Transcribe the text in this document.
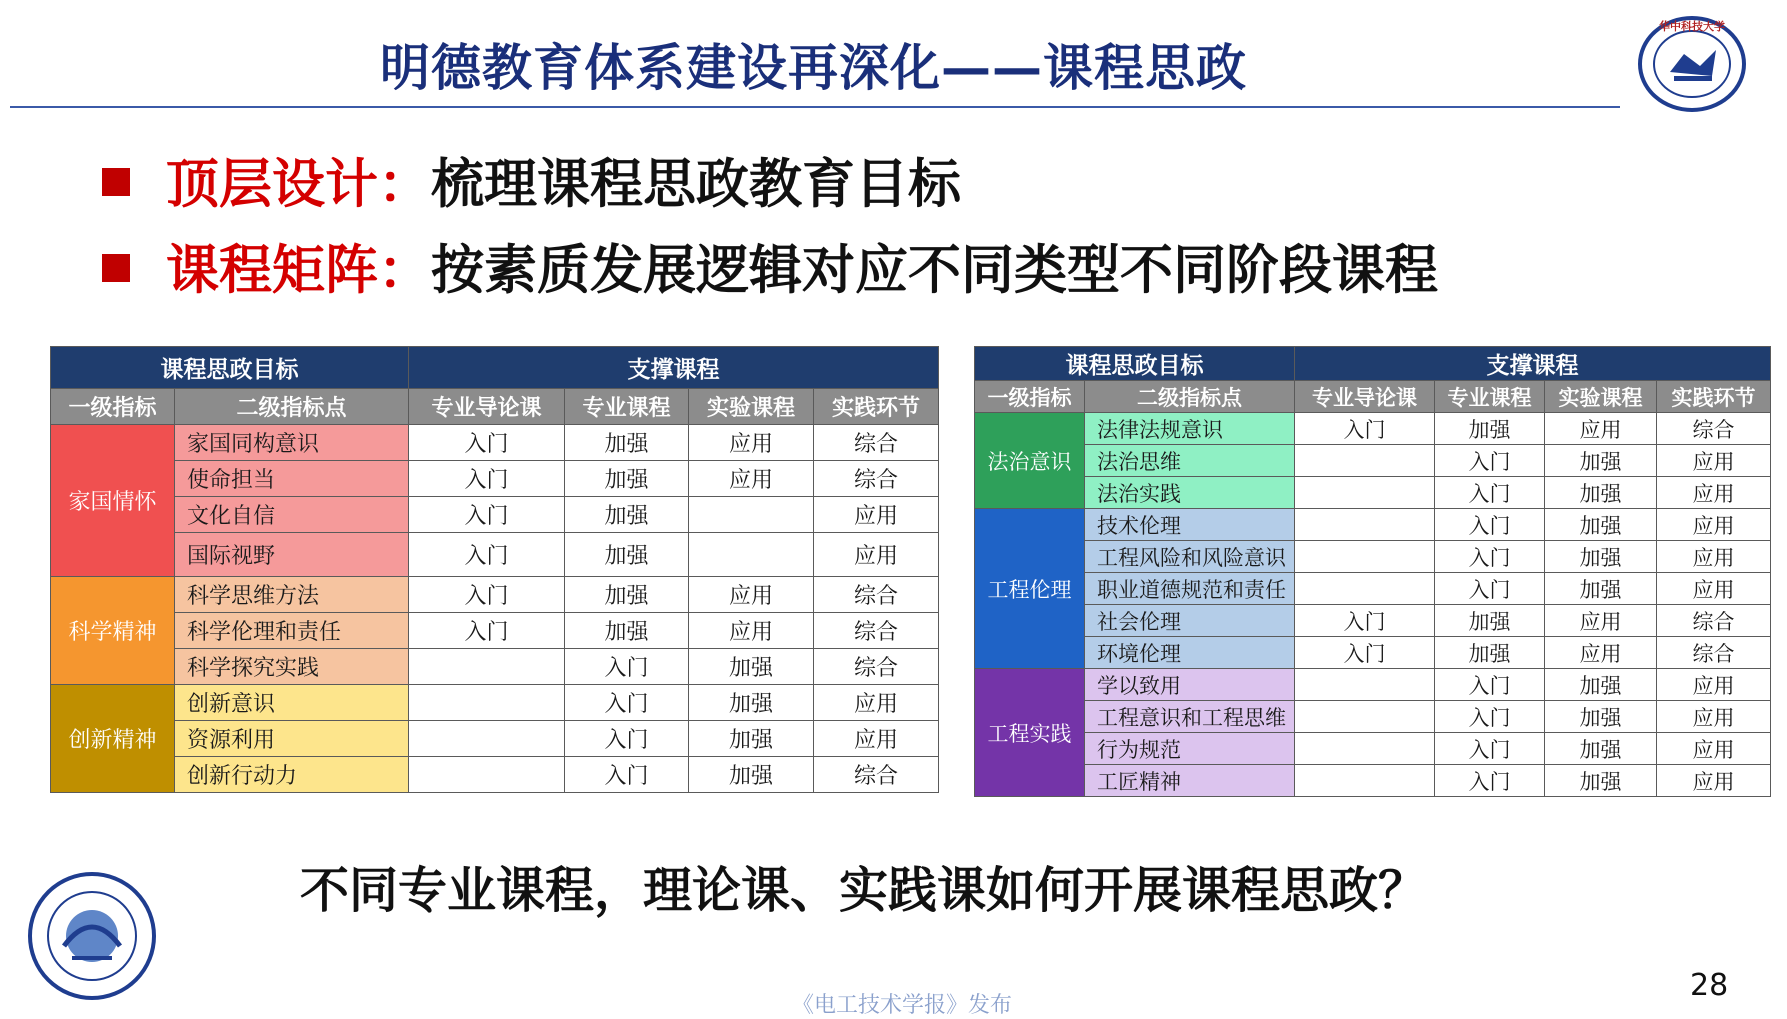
明德教育体系建设再深化——课程思政
华中科技大学
顶层设计：梳理课程思政教育目标
课程矩阵：按素质发展逻辑对应不同类型不同阶段课程
课程思政目标		支撑课程			
一级指标	二级指标点	专业导论课	专业课程	实验课程	实践环节
家国情怀	家国同构意识	入门	加强	应用	综合
	使命担当	入门	加强	应用	综合
	文化自信	入门	加强		应用
	国际视野	入门	加强		应用
科学精神	科学思维方法	入门	加强	应用	综合
	科学伦理和责任	入门	加强	应用	综合
	科学探究实践		入门	加强	综合
创新精神	创新意识		入门	加强	应用
	资源利用		入门	加强	应用
	创新行动力		入门	加强	综合
课程思政目标		支撑课程			
一级指标	二级指标点	专业导论课	专业课程	实验课程	实践环节
法治意识	法律法规意识	入门	加强	应用	综合
	法治思维		入门	加强	应用
	法治实践		入门	加强	应用
工程伦理	技术伦理		入门	加强	应用
	工程风险和风险意识		入门	加强	应用
	职业道德规范和责任		入门	加强	应用
	社会伦理	入门	加强	应用	综合
	环境伦理	入门	加强	应用	综合
工程实践	学以致用		入门	加强	应用
	工程意识和工程思维		入门	加强	应用
	行为规范		入门	加强	应用
	工匠精神		入门	加强	应用
不同专业课程，理论课、实践课如何开展课程思政？
28
《电工技术学报》发布
